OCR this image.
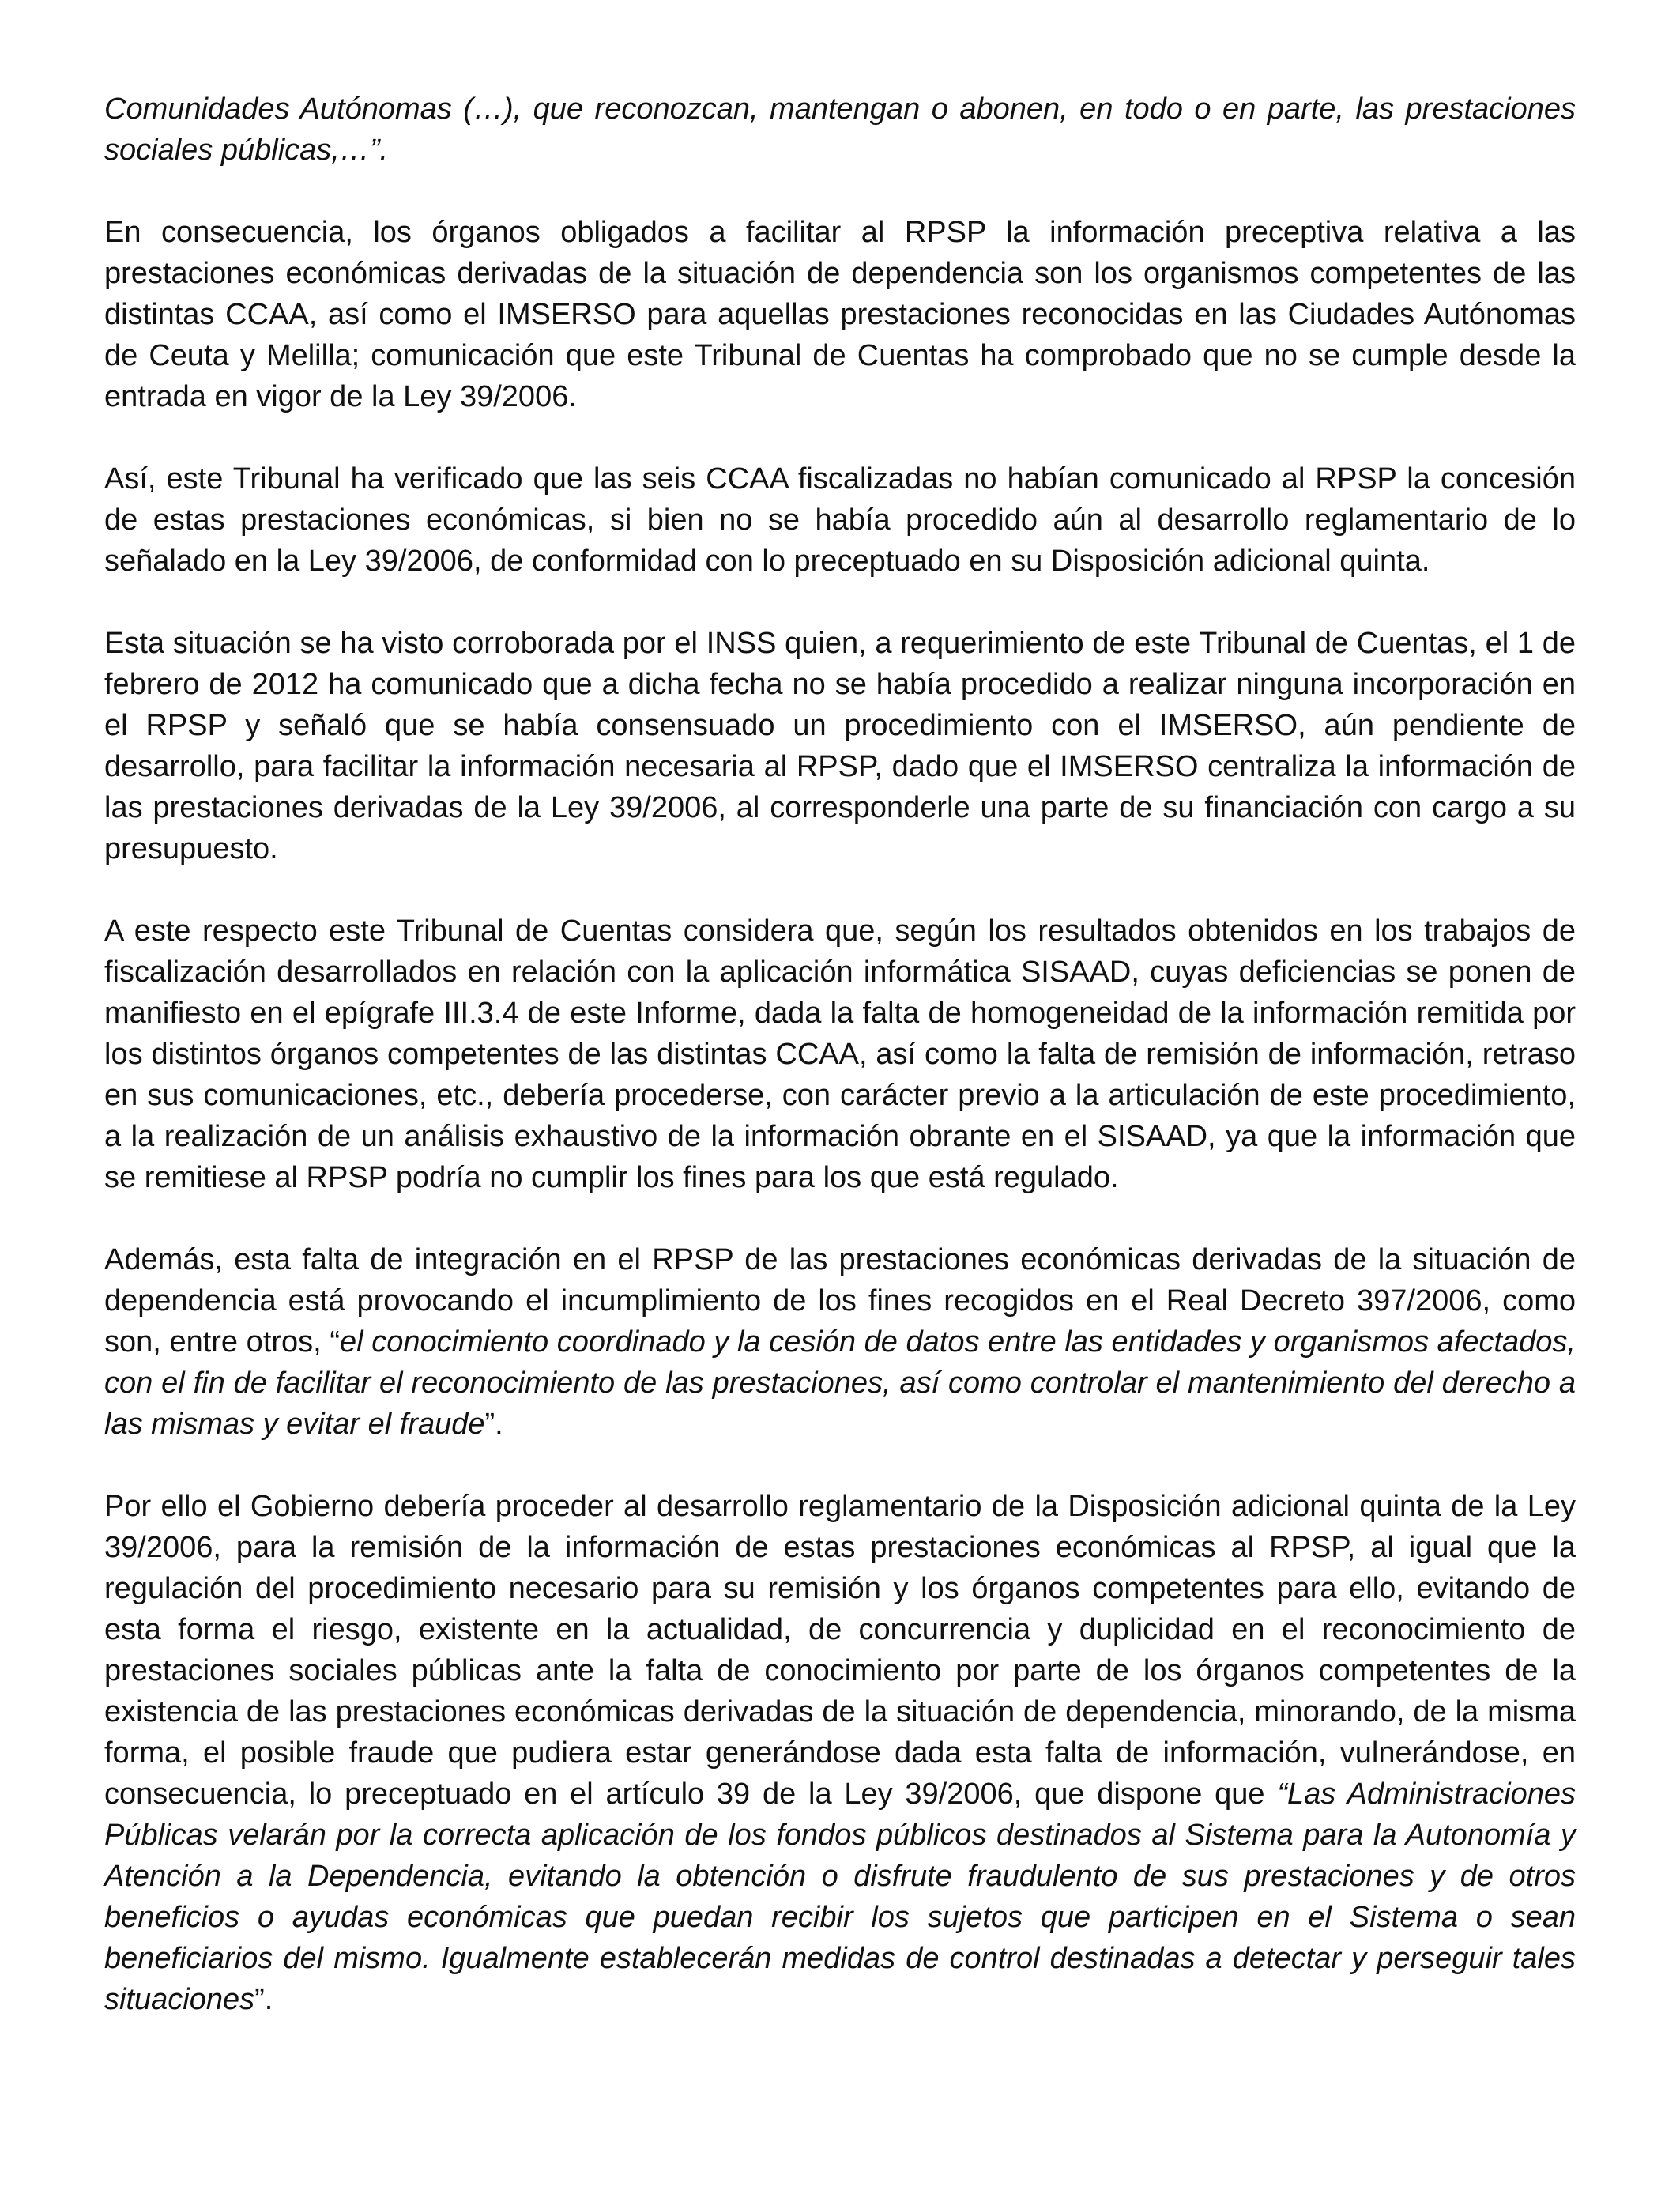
Comunidades Autónomas (…), que reconozcan, mantengan o abonen, en todo o en parte, las prestaciones sociales públicas,…”.

En consecuencia, los órganos obligados a facilitar al RPSP la información preceptiva relativa a las prestaciones económicas derivadas de la situación de dependencia son los organismos competentes de las distintas CCAA, así como el IMSERSO para aquellas prestaciones reconocidas en las Ciudades Autónomas de Ceuta y Melilla; comunicación que este Tribunal de Cuentas ha comprobado que no se cumple desde la entrada en vigor de la Ley 39/2006.

Así, este Tribunal ha verificado que las seis CCAA fiscalizadas no habían comunicado al RPSP la concesión de estas prestaciones económicas, si bien no se había procedido aún al desarrollo reglamentario de lo señalado en la Ley 39/2006, de conformidad con lo preceptuado en su Disposición adicional quinta.

Esta situación se ha visto corroborada por el INSS quien, a requerimiento de este Tribunal de Cuentas, el 1 de febrero de 2012 ha comunicado que a dicha fecha no se había procedido a realizar ninguna incorporación en el RPSP y señaló que se había consensuado un procedimiento con el IMSERSO, aún pendiente de desarrollo, para facilitar la información necesaria al RPSP, dado que el IMSERSO centraliza la información de las prestaciones derivadas de la Ley 39/2006, al corresponderle una parte de su financiación con cargo a su presupuesto.

A este respecto este Tribunal de Cuentas considera que, según los resultados obtenidos en los trabajos de fiscalización desarrollados en relación con la aplicación informática SISAAD, cuyas deficiencias se ponen de manifiesto en el epígrafe III.3.4 de este Informe, dada la falta de homogeneidad de la información remitida por los distintos órganos competentes de las distintas CCAA, así como la falta de remisión de información, retraso en sus comunicaciones, etc., debería procederse, con carácter previo a la articulación de este procedimiento, a la realización de un análisis exhaustivo de la información obrante en el SISAAD, ya que la información que se remitiese al RPSP podría no cumplir los fines para los que está regulado.

Además, esta falta de integración en el RPSP de las prestaciones económicas derivadas de la situación de dependencia está provocando el incumplimiento de los fines recogidos en el Real Decreto 397/2006, como son, entre otros, “el conocimiento coordinado y la cesión de datos entre las entidades y organismos afectados, con el fin de facilitar el reconocimiento de las prestaciones, así como controlar el mantenimiento del derecho a las mismas y evitar el fraude”.

Por ello el Gobierno debería proceder al desarrollo reglamentario de la Disposición adicional quinta de la Ley 39/2006, para la remisión de la información de estas prestaciones económicas al RPSP, al igual que la regulación del procedimiento necesario para su remisión y los órganos competentes para ello, evitando de esta forma el riesgo, existente en la actualidad, de concurrencia y duplicidad en el reconocimiento de prestaciones sociales públicas ante la falta de conocimiento por parte de los órganos competentes de la existencia de las prestaciones económicas derivadas de la situación de dependencia, minorando, de la misma forma, el posible fraude que pudiera estar generándose dada esta falta de información, vulnerándose, en consecuencia, lo preceptuado en el artículo 39 de la Ley 39/2006, que dispone que “Las Administraciones Públicas velarán por la correcta aplicación de los fondos públicos destinados al Sistema para la Autonomía y Atención a la Dependencia, evitando la obtención o disfrute fraudulento de sus prestaciones y de otros beneficios o ayudas económicas que puedan recibir los sujetos que participen en el Sistema o sean beneficiarios del mismo. Igualmente establecerán medidas de control destinadas a detectar y perseguir tales situaciones”.
